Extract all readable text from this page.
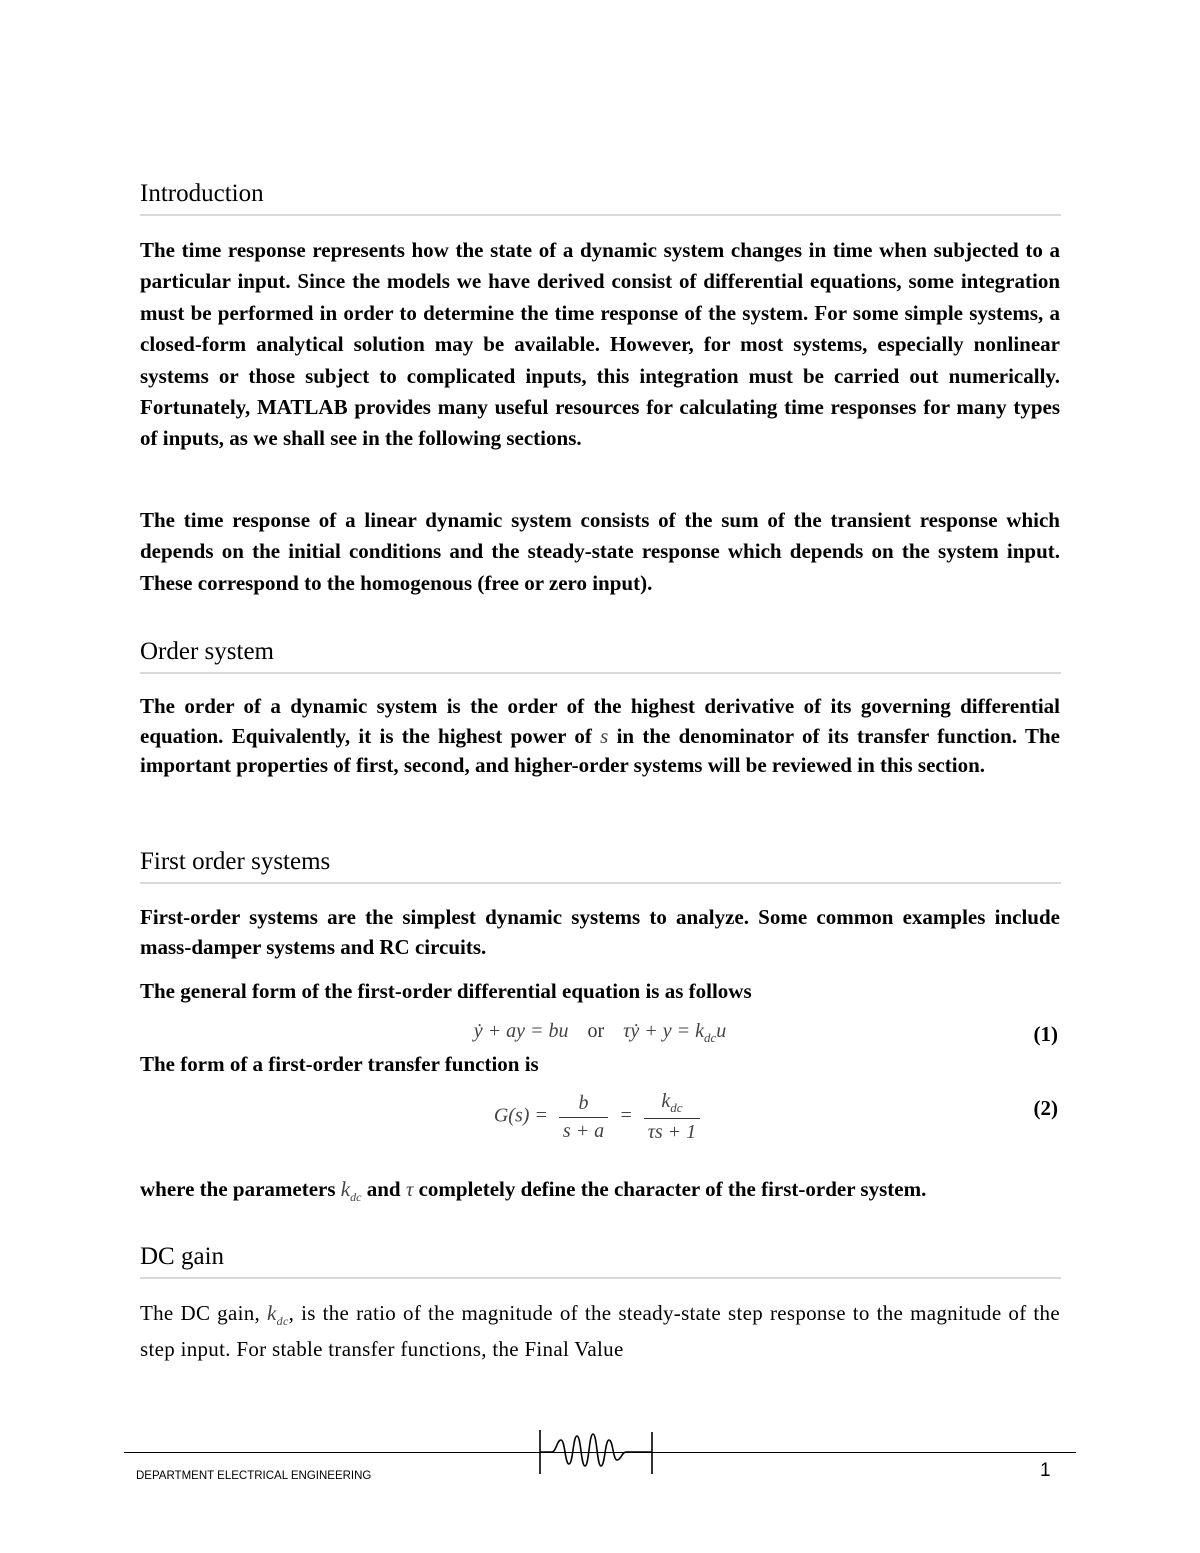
Introduction

The time response represents how the state of a dynamic system changes in time when subjected to a particular input. Since the models we have derived consist of differential equations, some integration must be performed in order to determine the time response of the system. For some simple systems, a closed-form analytical solution may be available. However, for most systems, especially nonlinear systems or those subject to complicated inputs, this integration must be carried out numerically. Fortunately, MATLAB provides many useful resources for calculating time responses for many types of inputs, as we shall see in the following sections.

The time response of a linear dynamic system consists of the sum of the transient response which depends on the initial conditions and the steady-state response which depends on the system input. These correspond to the homogenous (free or zero input).

Order system

The order of a dynamic system is the order of the highest derivative of its governing differential equation. Equivalently, it is the highest power of s in the denominator of its transfer function. The important properties of first, second, and higher-order systems will be reviewed in this section.

First order systems

First-order systems are the simplest dynamic systems to analyze. Some common examples include mass-damper systems and RC circuits.

The general form of the first-order differential equation is as follows

ẏ + ay = bu or τẏ + $y = k_{dc}u$	(1)

The form of a first-order transfer function is

$G(s) = \frac{b}{s + a} = \frac{k_{dc}}{\tau s + 1}$	(2)

where the parameters $k_{dc}$ and τ completely define the character of the first-order system.

DC gain

The DC gain, $k_{dc}$, is the ratio of the magnitude of the steady-state step response to the magnitude of the step input. For stable transfer functions, the Final Value

DEPARTMENT ELECTRICAL ENGINEERING	1
